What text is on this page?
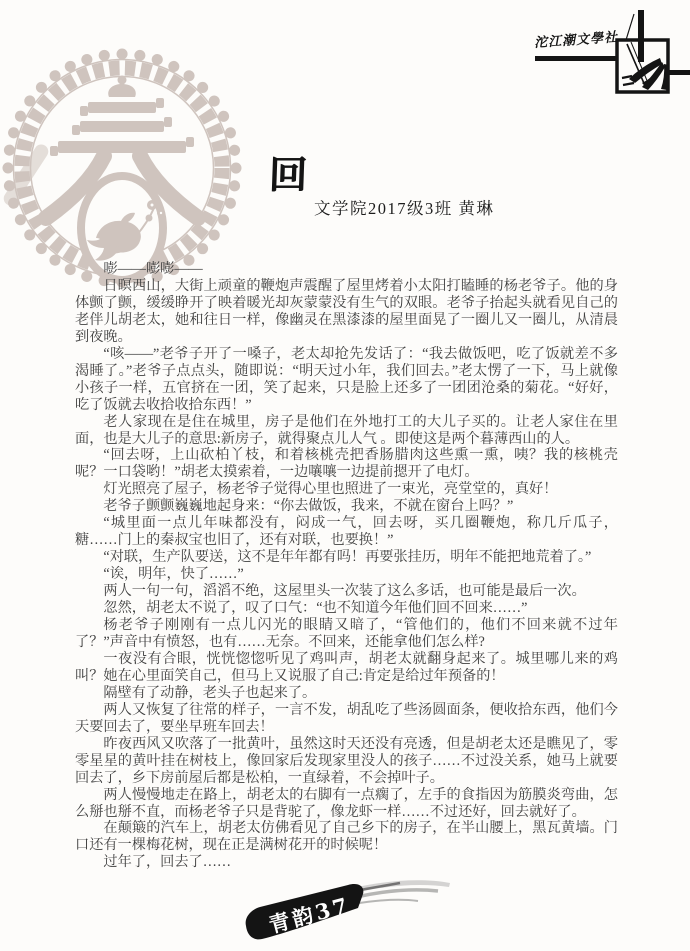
沱江潮文學社
回
文学院2017级3班 黄琳

嘭——嘭嘭——

日暝西山，大街上顽童的鞭炮声震醒了屋里烤着小太阳打瞌睡的杨老爷子。他的身体颤了颤，缓缓睁开了映着暖光却灰蒙蒙没有生气的双眼。老爷子抬起头就看见自己的老伴儿胡老太，她和往日一样，像幽灵在黑漆漆的屋里面晃了一圈儿又一圈儿，从清晨到夜晚。

“咳——”老爷子开了一嗓子，老太却抢先发话了：“我去做饭吧，吃了饭就差不多渴睡了。”老爷子点点头，随即说：“明天过小年，我们回去。”老太愣了一下，马上就像小孩子一样，五官挤在一团，笑了起来，只是脸上还多了一团团沧桑的菊花。“好好，吃了饭就去收拾收拾东西！”

老人家现在是住在城里，房子是他们在外地打工的大儿子买的。让老人家住在里面，也是大儿子的意思:新房子，就得聚点儿人气 。即使这是两个暮薄西山的人。

“回去呀，上山砍柏丫枝，和着核桃壳把香肠腊肉这些熏一熏，咦？我的核桃壳呢？一口袋哟！”胡老太摸索着，一边嚷嚷一边提前摁开了电灯。

灯光照亮了屋子，杨老爷子觉得心里也照进了一束光，亮堂堂的，真好！

老爷子颤颤巍巍地起身来：“你去做饭，我来，不就在窗台上吗？”

“城里面一点儿年味都没有，闷成一气，回去呀，买几圈鞭炮，称几斤瓜子，糖……门上的秦叔宝也旧了，还有对联，也要换！”

“对联，生产队要送，这不是年年都有吗！再要张挂历，明年不能把地荒着了。”

“诶，明年，快了……”

两人一句一句，滔滔不绝，这屋里头一次装了这么多话，也可能是最后一次。

忽然，胡老太不说了，叹了口气：“也不知道今年他们回不回来……”

杨老爷子刚刚有一点儿闪光的眼睛又暗了，“管他们的，他们不回来就不过年了？”声音中有愤怒，也有……无奈。不回来，还能拿他们怎么样?

一夜没有合眼，恍恍惚惚听见了鸡叫声，胡老太就翻身起来了。城里哪儿来的鸡叫？她在心里面笑自己，但马上又说服了自己:肯定是给过年预备的！

隔壁有了动静，老头子也起来了。

两人又恢复了往常的样子，一言不发，胡乱吃了些汤圆面条，便收拾东西，他们今天要回去了，要坐早班车回去！

昨夜西风又吹落了一批黄叶，虽然这时天还没有亮透，但是胡老太还是瞧见了，零零星星的黄叶挂在树枝上，像回家后发现家里没人的孩子……不过没关系，她马上就要回去了，乡下房前屋后都是松柏，一直绿着，不会掉叶子。

两人慢慢地走在路上，胡老太的右脚有一点瘸了，左手的食指因为筋膜炎弯曲，怎么掰也掰不直，而杨老爷子只是背驼了，像龙虾一样……不过还好，回去就好了。

在颠簸的汽车上，胡老太仿佛看见了自己乡下的房子，在半山腰上，黑瓦黄墙。门口还有一棵梅花树，现在正是满树花开的时候呢！

过年了，回去了……

青韵37
